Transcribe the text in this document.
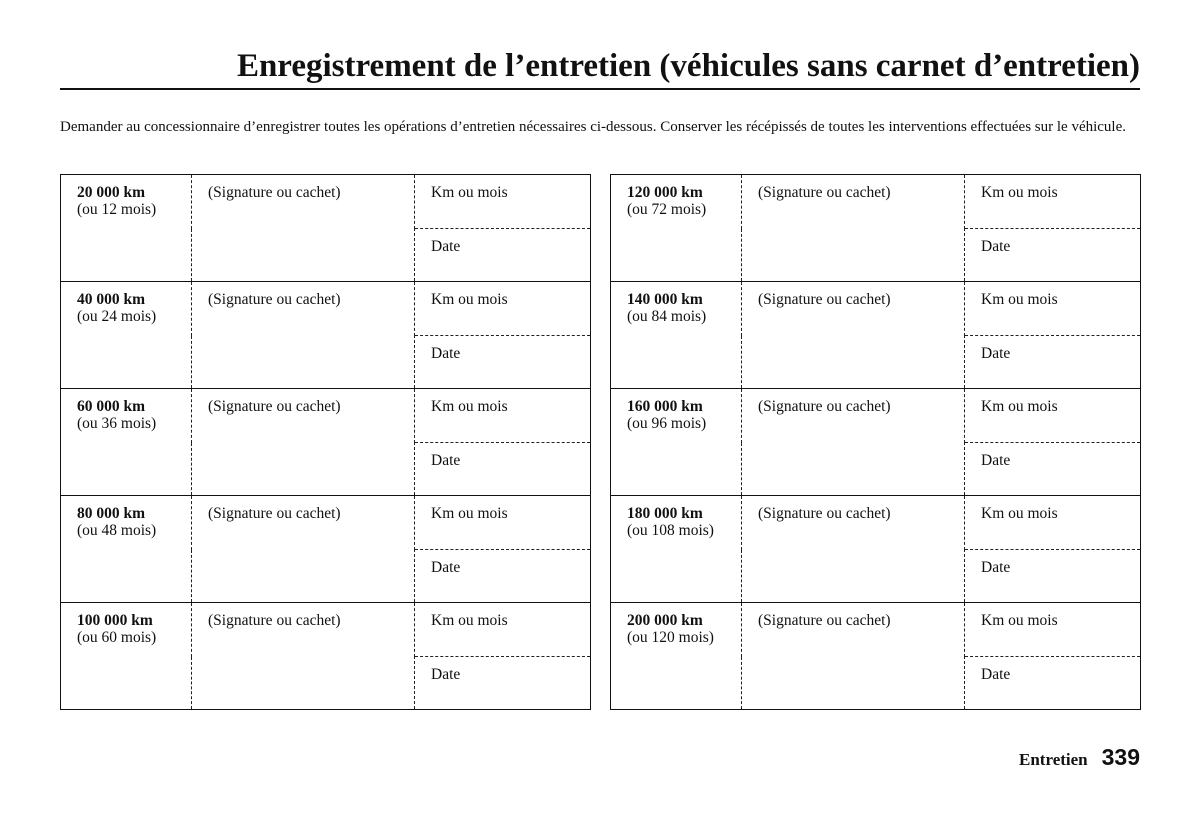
Enregistrement de l’entretien (véhicules sans carnet d’entretien)
Demander au concessionnaire d’enregistrer toutes les opérations d’entretien nécessaires ci-dessous. Conserver les récépissés de toutes les interventions effectuées sur le véhicule.
20 000 km
(ou 12 mois)	(Signature ou cachet)	Km ou mois

		Date

40 000 km
(ou 24 mois)	(Signature ou cachet)	Km ou mois

		Date

60 000 km
(ou 36 mois)	(Signature ou cachet)	Km ou mois

		Date

80 000 km
(ou 48 mois)	(Signature ou cachet)	Km ou mois

		Date

100 000 km
(ou 60 mois)	(Signature ou cachet)	Km ou mois

		Date
120 000 km
(ou 72 mois)	(Signature ou cachet)	Km ou mois

		Date

140 000 km
(ou 84 mois)	(Signature ou cachet)	Km ou mois

		Date

160 000 km
(ou 96 mois)	(Signature ou cachet)	Km ou mois

		Date

180 000 km
(ou 108 mois)	(Signature ou cachet)	Km ou mois

		Date

200 000 km
(ou 120 mois)	(Signature ou cachet)	Km ou mois

		Date
Entretien 339
